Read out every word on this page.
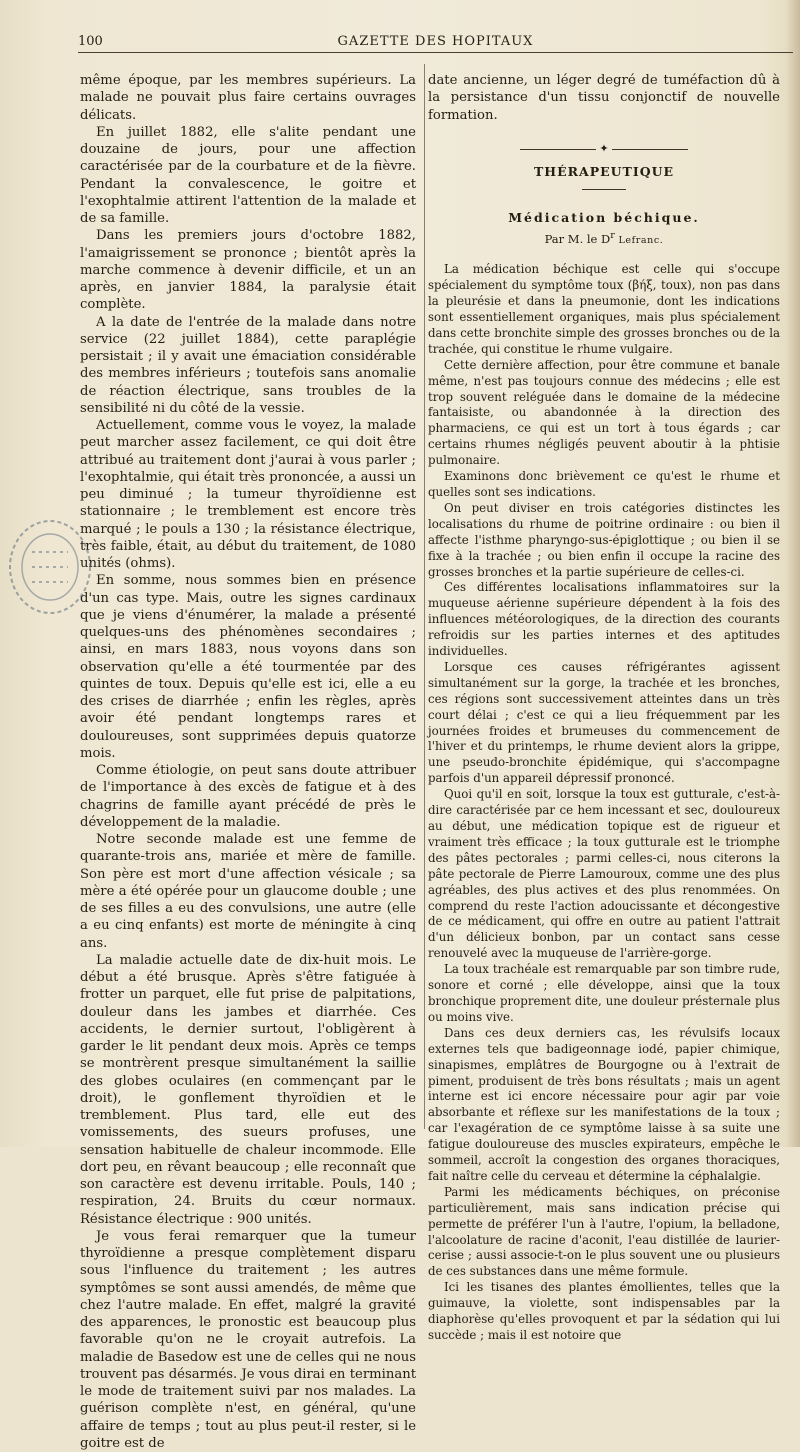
100	GAZETTE DES HOPITAUX

même époque, par les membres supérieurs. La malade ne pouvait plus faire certains ouvrages délicats.

En juillet 1882, elle s'alite pendant une douzaine de jours, pour une affection caractérisée par de la courbature et de la fièvre. Pendant la convalescence, le goitre et l'exophtalmie attirent l'attention de la malade et de sa famille.

Dans les premiers jours d'octobre 1882, l'amaigrissement se prononce ; bientôt après la marche commence à devenir difficile, et un an après, en janvier 1884, la paralysie était complète.

A la date de l'entrée de la malade dans notre service (22 juillet 1884), cette paraplégie persistait ; il y avait une émaciation considérable des membres inférieurs ; toutefois sans anomalie de réaction électrique, sans troubles de la sensibilité ni du côté de la vessie.

Actuellement, comme vous le voyez, la malade peut marcher assez facilement, ce qui doit être attribué au traitement dont j'aurai à vous parler ; l'exophtalmie, qui était très prononcée, a aussi un peu diminué ; la tumeur thyroïdienne est stationnaire ; le tremblement est encore très marqué ; le pouls a 130 ; la résistance électrique, très faible, était, au début du traitement, de 1080 unités (ohms).

En somme, nous sommes bien en présence d'un cas type. Mais, outre les signes cardinaux que je viens d'énumérer, la malade a présenté quelques-uns des phénomènes secondaires ; ainsi, en mars 1883, nous voyons dans son observation qu'elle a été tourmentée par des quintes de toux. Depuis qu'elle est ici, elle a eu des crises de diarrhée ; enfin les règles, après avoir été pendant longtemps rares et douloureuses, sont supprimées depuis quatorze mois.

Comme étiologie, on peut sans doute attribuer de l'importance à des excès de fatigue et à des chagrins de famille ayant précédé de près le développement de la maladie.

Notre seconde malade est une femme de quarante-trois ans, mariée et mère de famille. Son père est mort d'une affection vésicale ; sa mère a été opérée pour un glaucome double ; une de ses filles a eu des convulsions, une autre (elle a eu cinq enfants) est morte de méningite à cinq ans.

La maladie actuelle date de dix-huit mois. Le début a été brusque. Après s'être fatiguée à frotter un parquet, elle fut prise de palpitations, douleur dans les jambes et diarrhée. Ces accidents, le dernier surtout, l'obligèrent à garder le lit pendant deux mois. Après ce temps se montrèrent presque simultanément la saillie des globes oculaires (en commençant par le droit), le gonflement thyroïdien et le tremblement. Plus tard, elle eut des vomissements, des sueurs profuses, une sensation habituelle de chaleur incommode. Elle dort peu, en rêvant beaucoup ; elle reconnaît que son caractère est devenu irritable. Pouls, 140 ; respiration, 24. Bruits du cœur normaux. Résistance électrique : 900 unités.

Je vous ferai remarquer que la tumeur thyroïdienne a presque complètement disparu sous l'influence du traitement ; les autres symptômes se sont aussi amendés, de même que chez l'autre malade. En effet, malgré la gravité des apparences, le pronostic est beaucoup plus favorable qu'on ne le croyait autrefois. La maladie de Basedow est une de celles qui ne nous trouvent pas désarmés. Je vous dirai en terminant le mode de traitement suivi par nos malades. La guérison complète n'est, en général, qu'une affaire de temps ; tout au plus peut-il rester, si le goitre est de

date ancienne, un léger degré de tuméfaction dû à la persistance d'un tissu conjonctif de nouvelle formation.

✦
THÉRAPEUTIQUE
Médication béchique.
Par M. le $D^r$ Lefranc.

La médication béchique est celle qui s'occupe spécialement du symptôme toux (βήξ, toux), non pas dans la pleurésie et dans la pneumonie, dont les indications sont essentiellement organiques, mais plus spécialement dans cette bronchite simple des grosses bronches ou de la trachée, qui constitue le rhume vulgaire.

Cette dernière affection, pour être commune et banale même, n'est pas toujours connue des médecins ; elle est trop souvent reléguée dans le domaine de la médecine fantaisiste, ou abandonnée à la direction des pharmaciens, ce qui est un tort à tous égards ; car certains rhumes négligés peuvent aboutir à la phtisie pulmonaire.

Examinons donc brièvement ce qu'est le rhume et quelles sont ses indications.

On peut diviser en trois catégories distinctes les localisations du rhume de poitrine ordinaire : ou bien il affecte l'isthme pharyngo-sus-épiglottique ; ou bien il se fixe à la trachée ; ou bien enfin il occupe la racine des grosses bronches et la partie supérieure de celles-ci.

Ces différentes localisations inflammatoires sur la muqueuse aérienne supérieure dépendent à la fois des influences météorologiques, de la direction des courants refroidis sur les parties internes et des aptitudes individuelles.

Lorsque ces causes réfrigérantes agissent simultanément sur la gorge, la trachée et les bronches, ces régions sont successivement atteintes dans un très court délai ; c'est ce qui a lieu fréquemment par les journées froides et brumeuses du commencement de l'hiver et du printemps, le rhume devient alors la grippe, une pseudo-bronchite épidémique, qui s'accompagne parfois d'un appareil dépressif prononcé.

Quoi qu'il en soit, lorsque la toux est gutturale, c'est-à-dire caractérisée par ce hem incessant et sec, douloureux au début, une médication topique est de rigueur et vraiment très efficace ; la toux gutturale est le triomphe des pâtes pectorales ; parmi celles-ci, nous citerons la pâte pectorale de Pierre Lamouroux, comme une des plus agréables, des plus actives et des plus renommées. On comprend du reste l'action adoucissante et décongestive de ce médicament, qui offre en outre au patient l'attrait d'un délicieux bonbon, par un contact sans cesse renouvelé avec la muqueuse de l'arrière-gorge.

La toux trachéale est remarquable par son timbre rude, sonore et corné ; elle développe, ainsi que la toux bronchique proprement dite, une douleur présternale plus ou moins vive.

Dans ces deux derniers cas, les révulsifs locaux externes tels que badigeonnage iodé, papier chimique, sinapismes, emplâtres de Bourgogne ou à l'extrait de piment, produisent de très bons résultats ; mais un agent interne est ici encore nécessaire pour agir par voie absorbante et réflexe sur les manifestations de la toux ; car l'exagération de ce symptôme laisse à sa suite une fatigue douloureuse des muscles expirateurs, empêche le sommeil, accroît la congestion des organes thoraciques, fait naître celle du cerveau et détermine la céphalalgie.

Parmi les médicaments béchiques, on préconise particulièrement, mais sans indication précise qui permette de préférer l'un à l'autre, l'opium, la belladone, l'alcoolature de racine d'aconit, l'eau distillée de laurier-cerise ; aussi associe-t-on le plus souvent une ou plusieurs de ces substances dans une même formule.

Ici les tisanes des plantes émollientes, telles que la guimauve, la violette, sont indispensables par la diaphorèse qu'elles provoquent et par la sédation qui lui succède ; mais il est notoire que
